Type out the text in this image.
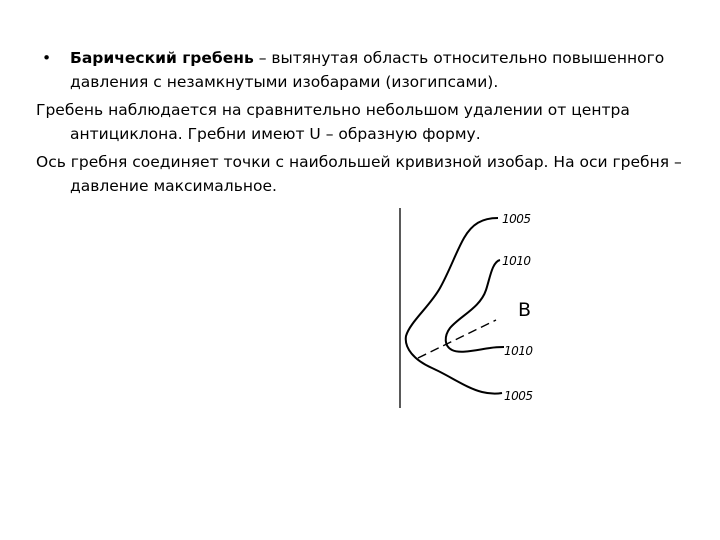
• Барический гребень – вытянутая область относительно повышенного давления с незамкнутыми изобарами (изогипсами).

Гребень наблюдается на сравнительно небольшом удалении от центра антициклона. Гребни имеют U – образную форму.

Ось гребня соединяет точки с наибольшей кривизной изобар. На оси гребня – давление максимальное.

1005
1010
1010
1005
B
